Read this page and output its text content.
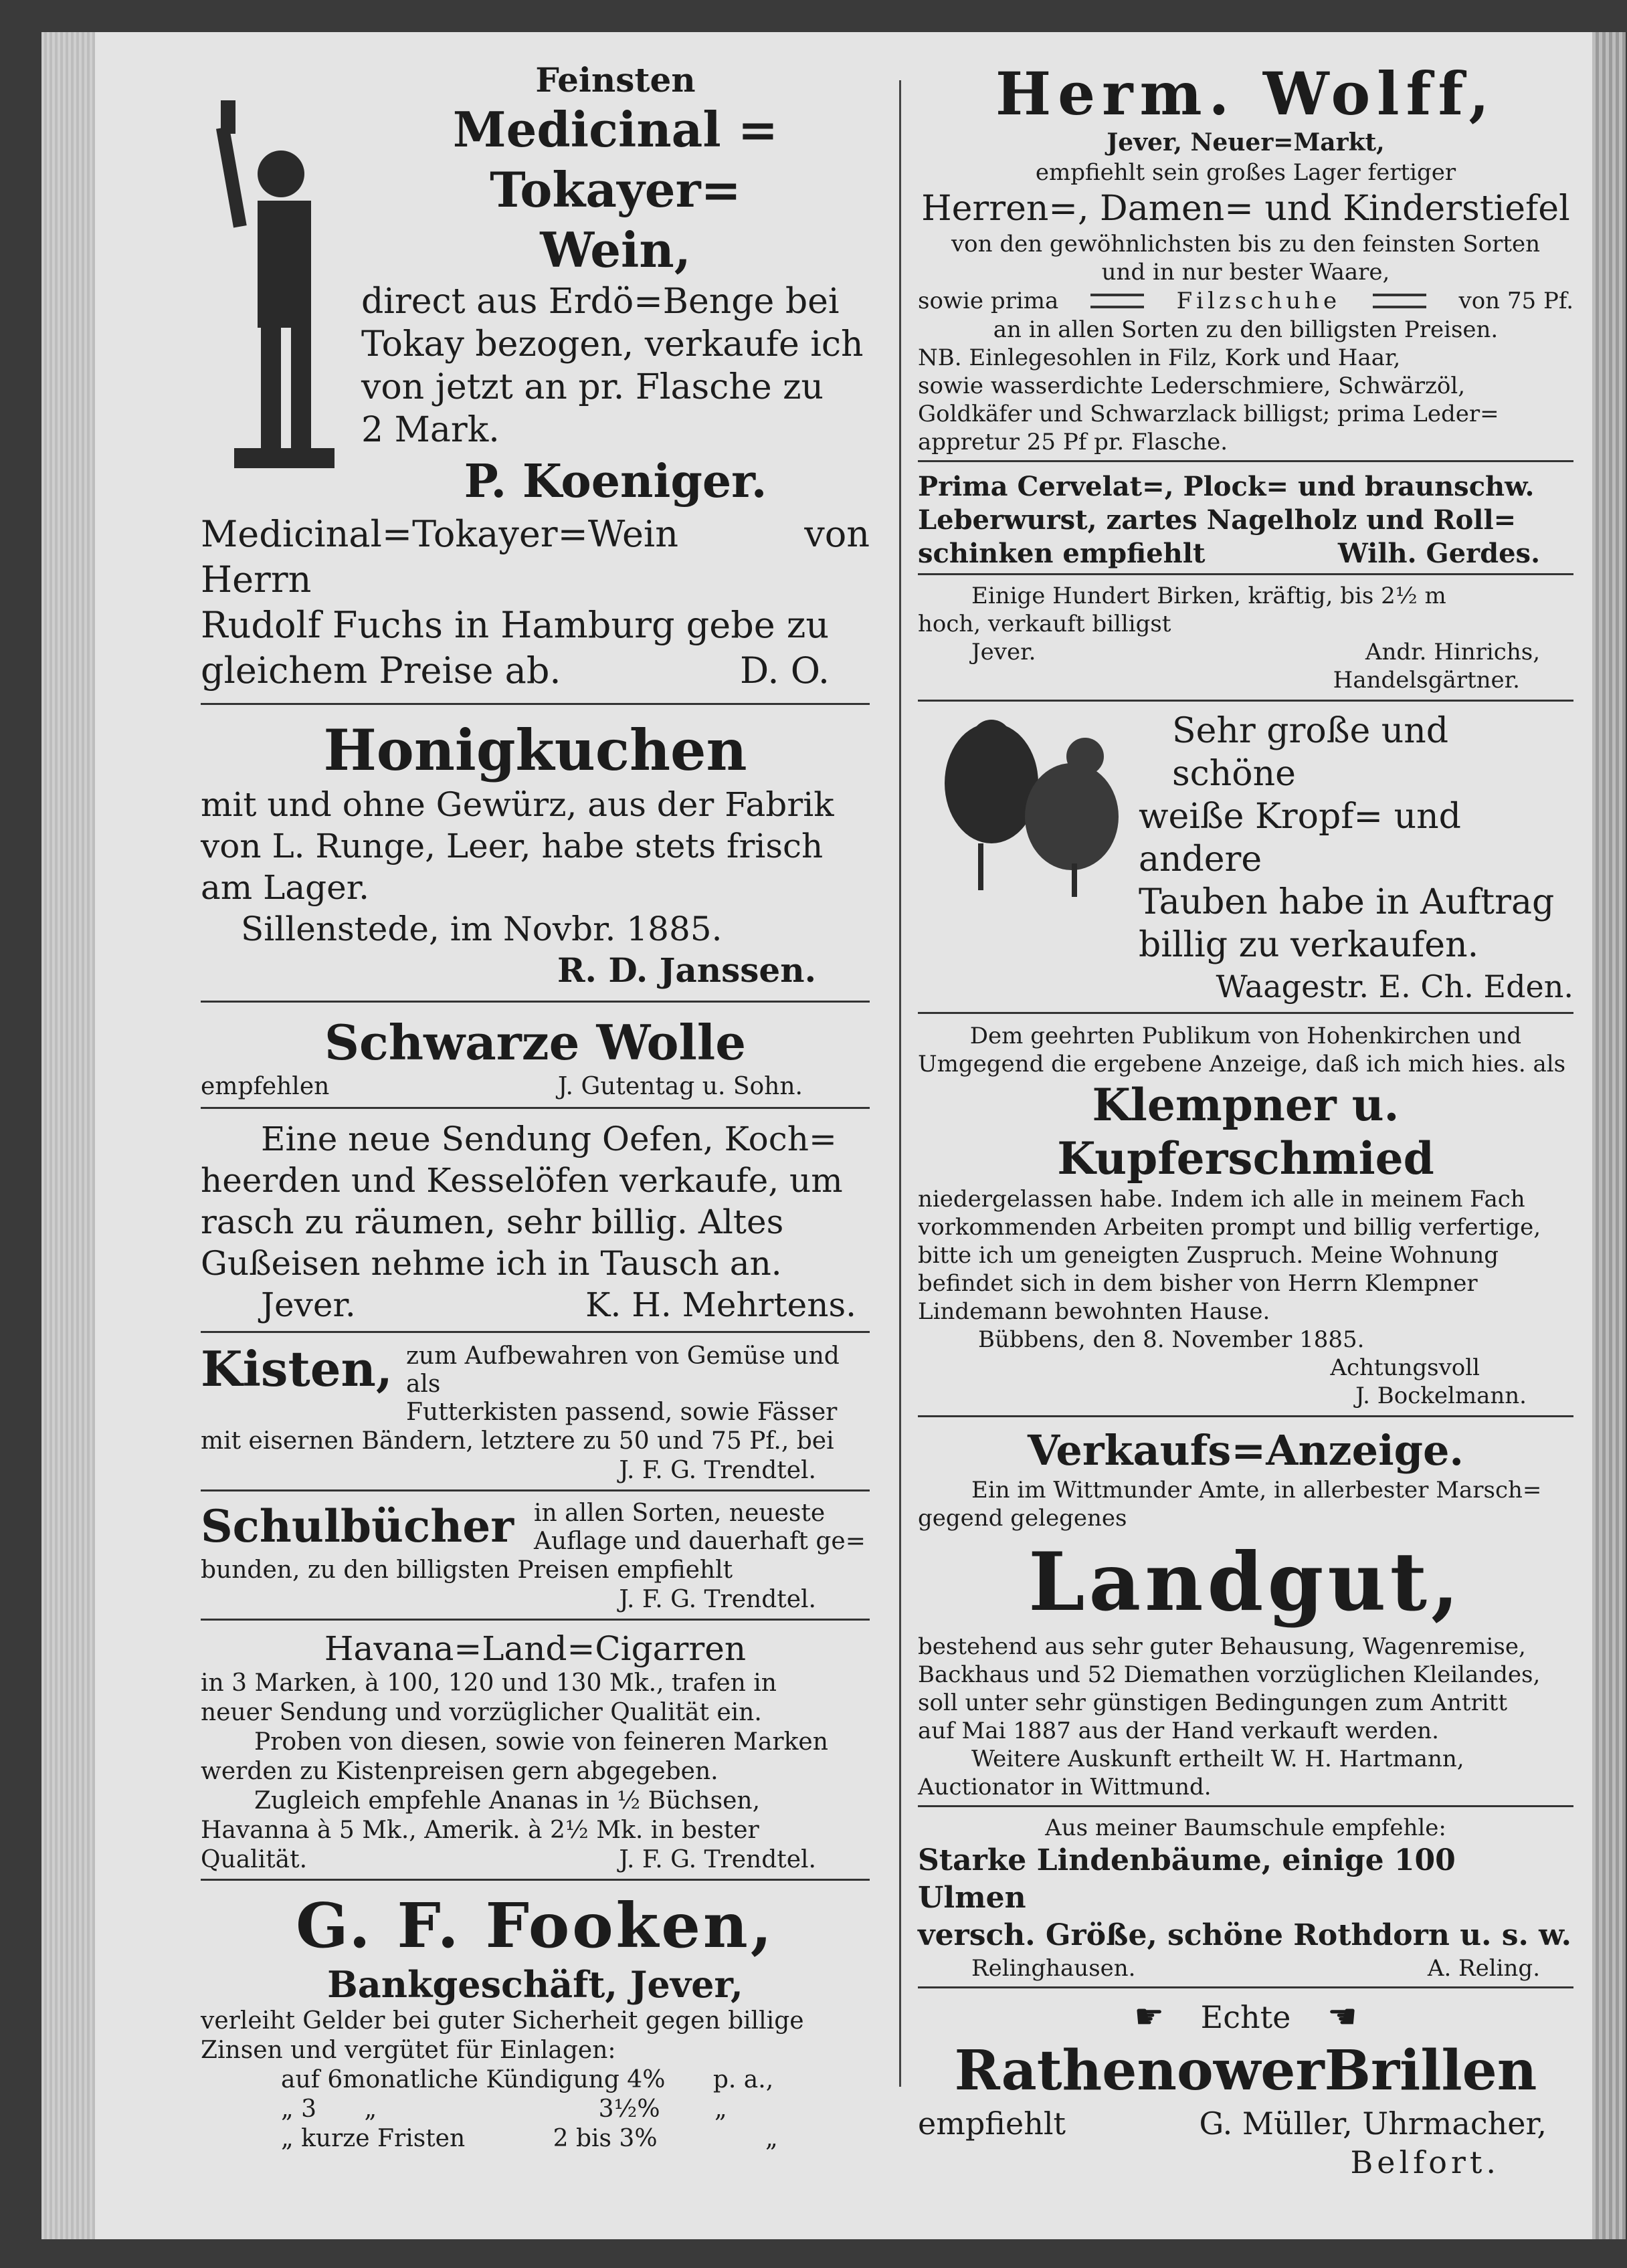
Feinsten

Medicinal = Tokayer=

Wein,

direct aus Erdö=Benge bei

Tokay bezogen, verkaufe ich

von jetzt an pr. Flasche zu

2 Mark.

P. Koeniger.

Medicinal=Tokayer=Wein von Herrn

Rudolf Fuchs in Hamburg gebe zu

gleichem Preise ab.	D. O.

Honigkuchen

mit und ohne Gewürz, aus der Fabrik

von L. Runge, Leer, habe stets frisch

am Lager.

Sillenstede, im Novbr. 1885.

R. D. Janssen.

Schwarze Wolle

empfehlen	J. Gutentag u. Sohn.

Eine neue Sendung Oefen, Koch=

heerden und Kesselöfen verkaufe, um

rasch zu räumen, sehr billig. Altes

Gußeisen nehme ich in Tausch an.

Jever.	K. H. Mehrtens.

Kisten, zum Aufbewahren von Gemüse und als

Futterkisten passend, sowie Fässer

mit eisernen Bändern, letztere zu 50 und 75 Pf., bei

J. F. G. Trendtel.

Schulbücher in allen Sorten, neueste

Auflage und dauerhaft ge=

bunden, zu den billigsten Preisen empfiehlt

J. F. G. Trendtel.

Havana=Land=Cigarren

in 3 Marken, à 100, 120 und 130 Mk., trafen in

neuer Sendung und vorzüglicher Qualität ein.

Proben von diesen, sowie von feineren Marken

werden zu Kistenpreisen gern abgegeben.

Zugleich empfehle Ananas in ½ Büchsen,

Havanna à 5 Mk., Amerik. à 2½ Mk. in bester

Qualität.	J. F. G. Trendtel.

G. F. Fooken,

Bankgeschäft, Jever,

verleiht Gelder bei guter Sicherheit gegen billige

Zinsen und vergütet für Einlagen:

auf 6monatliche Kündigung 4% p. a.,

„ 3 „	3½% „

„ kurze Fristen	2 bis 3%	„

Herm. Wolff,

Jever, Neuer=Markt,

empfiehlt sein großes Lager fertiger

Herren=, Damen= und Kinderstiefel

von den gewöhnlichsten bis zu den feinsten Sorten

und in nur bester Waare,

sowie prima	Filzschuhe	von 75 Pf.

an in allen Sorten zu den billigsten Preisen.

NB. Einlegesohlen in Filz, Kork und Haar,

sowie wasserdichte Lederschmiere, Schwärzöl,

Goldkäfer und Schwarzlack billigst; prima Leder=

appretur 25 Pf pr. Flasche.

Prima Cervelat=, Plock= und braunschw.

Leberwurst, zartes Nagelholz und Roll=

schinken empfiehlt	Wilh. Gerdes.

Einige Hundert Birken, kräftig, bis 2½ m

hoch, verkauft billigst

Jever.	Andr. Hinrichs,

Handelsgärtner.

Sehr große und schöne

weiße Kropf= und andere

Tauben habe in Auftrag

billig zu verkaufen.

Waagestr. E. Ch. Eden.

Dem geehrten Publikum von Hohenkirchen und

Umgegend die ergebene Anzeige, daß ich mich hies. als

Klempner u. Kupferschmied

niedergelassen habe. Indem ich alle in meinem Fach

vorkommenden Arbeiten prompt und billig verfertige,

bitte ich um geneigten Zuspruch. Meine Wohnung

befindet sich in dem bisher von Herrn Klempner

Lindemann bewohnten Hause.

Bübbens, den 8. November 1885.

Achtungsvoll

J. Bockelmann.

Verkaufs=Anzeige.

Ein im Wittmunder Amte, in allerbester Marsch=

gegend gelegenes

Landgut,

bestehend aus sehr guter Behausung, Wagenremise,

Backhaus und 52 Diemathen vorzüglichen Kleilandes,

soll unter sehr günstigen Bedingungen zum Antritt

auf Mai 1887 aus der Hand verkauft werden.

Weitere Auskunft ertheilt W. H. Hartmann,

Auctionator in Wittmund.

Aus meiner Baumschule empfehle:

Starke Lindenbäume, einige 100 Ulmen

versch. Größe, schöne Rothdorn u. s. w.

Relinghausen.	A. Reling.

☛ Echte ☚

RathenowerBrillen

empfiehlt	G. Müller, Uhrmacher,

Belfort.
